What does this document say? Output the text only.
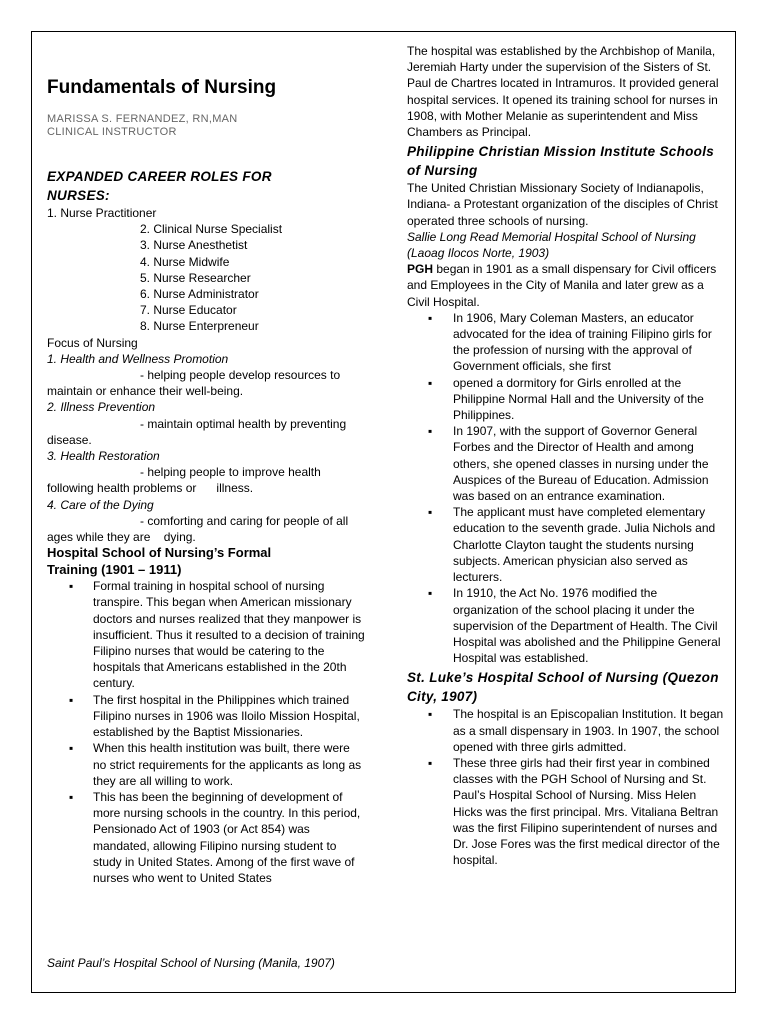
Fundamentals of Nursing
MARISSA S. FERNANDEZ, RN,MAN
CLINICAL INSTRUCTOR
EXPANDED CAREER ROLES FOR NURSES:

1. Nurse Practitioner

2. Clinical Nurse Specialist

3. Nurse Anesthetist

4. Nurse Midwife

5. Nurse Researcher

6. Nurse Administrator

7. Nurse Educator

8. Nurse Enterpreneur

Focus of Nursing

1. Health and Wellness Promotion

- helping people develop resources to maintain or enhance their well-being.

2. Illness Prevention

- maintain optimal health by preventing disease.

3. Health Restoration

- helping people to improve health following health problems or      illness.

4. Care of the Dying

- comforting and caring for people of all ages while they are    dying.

Hospital School of Nursing’s Formal Training (1901 – 1911)
▪ Formal training in hospital school of nursing transpire. This began when American missionary doctors and nurses realized that they manpower is insufficient. Thus it resulted to a decision of training Filipino nurses that would be catering to the hospitals that Americans established in the 20th century.
▪ The first hospital in the Philippines which trained Filipino nurses in 1906 was Iloilo Mission Hospital, established by the Baptist Missionaries.
▪ When this health institution was built, there were no strict requirements for the applicants as long as they are all willing to work.
▪ This has been the beginning of development of more nursing schools in the country. In this period, Pensionado Act of 1903 (or Act 854) was mandated, allowing Filipino nursing student to study in United States. Among of the first wave of nurses who went to United States
Saint Paul’s Hospital School of Nursing (Manila, 1907)

The hospital was established by the Archbishop of Manila, Jeremiah Harty under the supervision of the Sisters of St. Paul de Chartres located in Intramuros. It provided general hospital services. It opened its training school for nurses in 1908, with Mother Melanie as superintendent and Miss Chambers as Principal.

Philippine Christian Mission Institute Schools of Nursing

The United Christian Missionary Society of Indianapolis, Indiana- a Protestant organization of the disciples of Christ operated three schools of nursing.

Sallie Long Read Memorial Hospital School of Nursing (Laoag Ilocos Norte, 1903)

PGH began in 1901 as a small dispensary for Civil officers and Employees in the City of Manila and later grew as a Civil Hospital.

▪ In 1906, Mary Coleman Masters, an educator advocated for the idea of training Filipino girls for the profession of nursing with the approval of Government officials, she first
▪ opened a dormitory for Girls enrolled at the Philippine Normal Hall and the University of the Philippines.
▪ In 1907, with the support of Governor General Forbes and the Director of Health and among others, she opened classes in nursing under the Auspices of the Bureau of Education. Admission was based on an entrance examination.
▪ The applicant must have completed elementary education to the seventh grade. Julia Nichols and Charlotte Clayton taught the students nursing subjects. American physician also served as lecturers.
▪ In 1910, the Act No. 1976 modified the organization of the school placing it under the supervision of the Department of Health. The Civil Hospital was abolished and the Philippine General Hospital was established.
St. Luke’s Hospital School of Nursing (Quezon City, 1907)
▪ The hospital is an Episcopalian Institution. It began as a small dispensary in 1903. In 1907, the school opened with three girls admitted.
▪ These three girls had their first year in combined classes with the PGH School of Nursing and St. Paul’s Hospital School of Nursing. Miss Helen Hicks was the first principal. Mrs. Vitaliana Beltran was the first Filipino superintendent of nurses and Dr. Jose Fores was the first medical director of the hospital.
